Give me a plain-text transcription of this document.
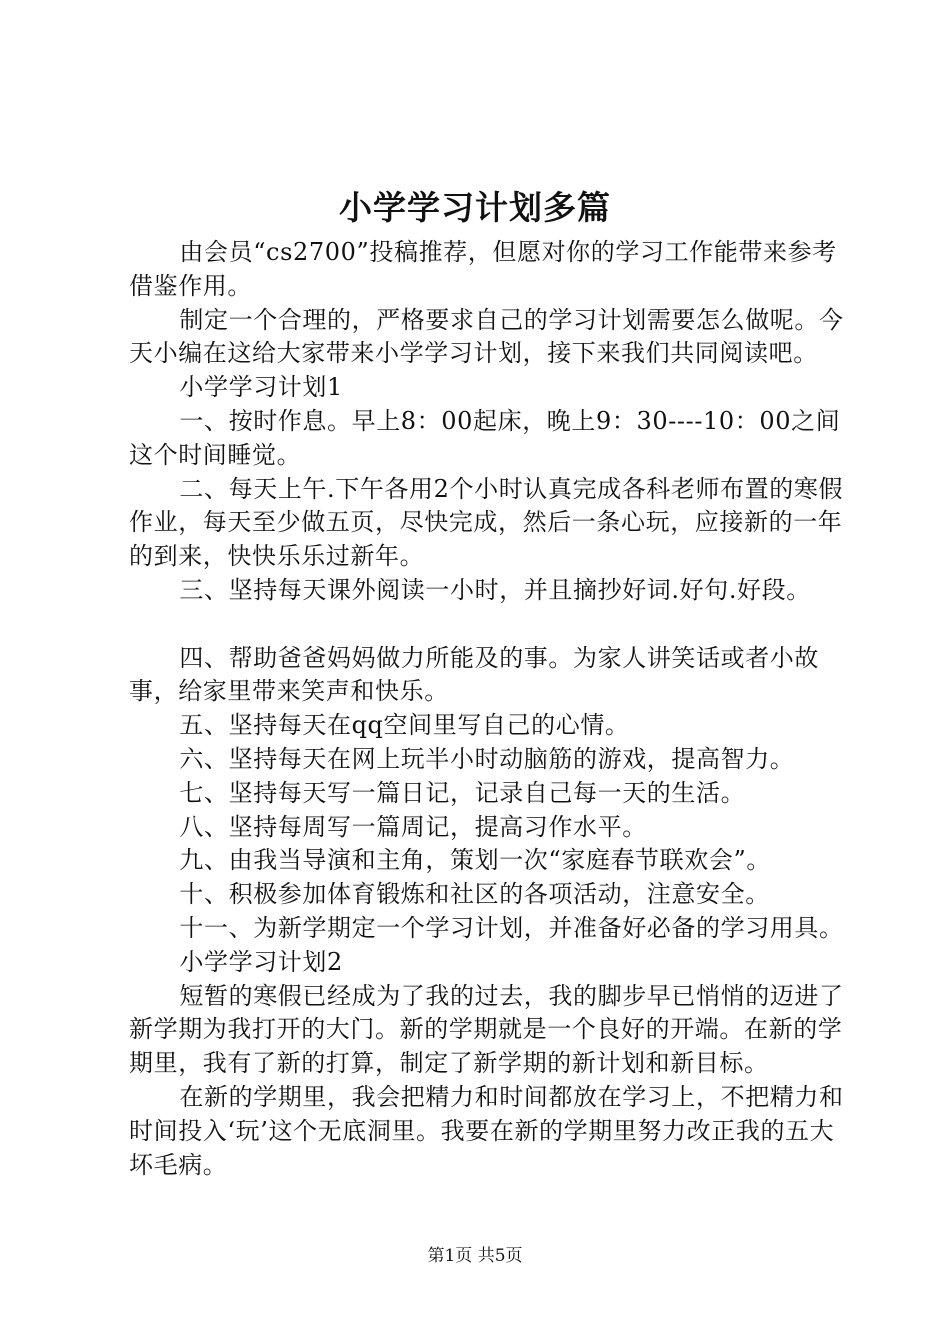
小学学习计划多篇

由会员“cs2700”投稿推荐，但愿对你的学习工作能带来参考借鉴作用。

制定一个合理的，严格要求自己的学习计划需要怎么做呢。今天小编在这给大家带来小学学习计划，接下来我们共同阅读吧。

小学学习计划1

一、按时作息。早上8：00起床，晚上9：30----10：00之间这个时间睡觉。

二、每天上午.下午各用2个小时认真完成各科老师布置的寒假作业，每天至少做五页，尽快完成，然后一条心玩，应接新的一年的到来，快快乐乐过新年。

三、坚持每天课外阅读一小时，并且摘抄好词.好句.好段。

四、帮助爸爸妈妈做力所能及的事。为家人讲笑话或者小故事，给家里带来笑声和快乐。

五、坚持每天在qq空间里写自己的心情。

六、坚持每天在网上玩半小时动脑筋的游戏，提高智力。

七、坚持每天写一篇日记，记录自己每一天的生活。

八、坚持每周写一篇周记，提高习作水平。

九、由我当导演和主角，策划一次“家庭春节联欢会”。

十、积极参加体育锻炼和社区的各项活动，注意安全。

十一、为新学期定一个学习计划，并准备好必备的学习用具。

小学学习计划2

短暂的寒假已经成为了我的过去，我的脚步早已悄悄的迈进了新学期为我打开的大门。新的学期就是一个良好的开端。在新的学期里，我有了新的打算，制定了新学期的新计划和新目标。

在新的学期里，我会把精力和时间都放在学习上，不把精力和时间投入‘玩’这个无底洞里。我要在新的学期里努力改正我的五大坏毛病。

第1页 共5页
